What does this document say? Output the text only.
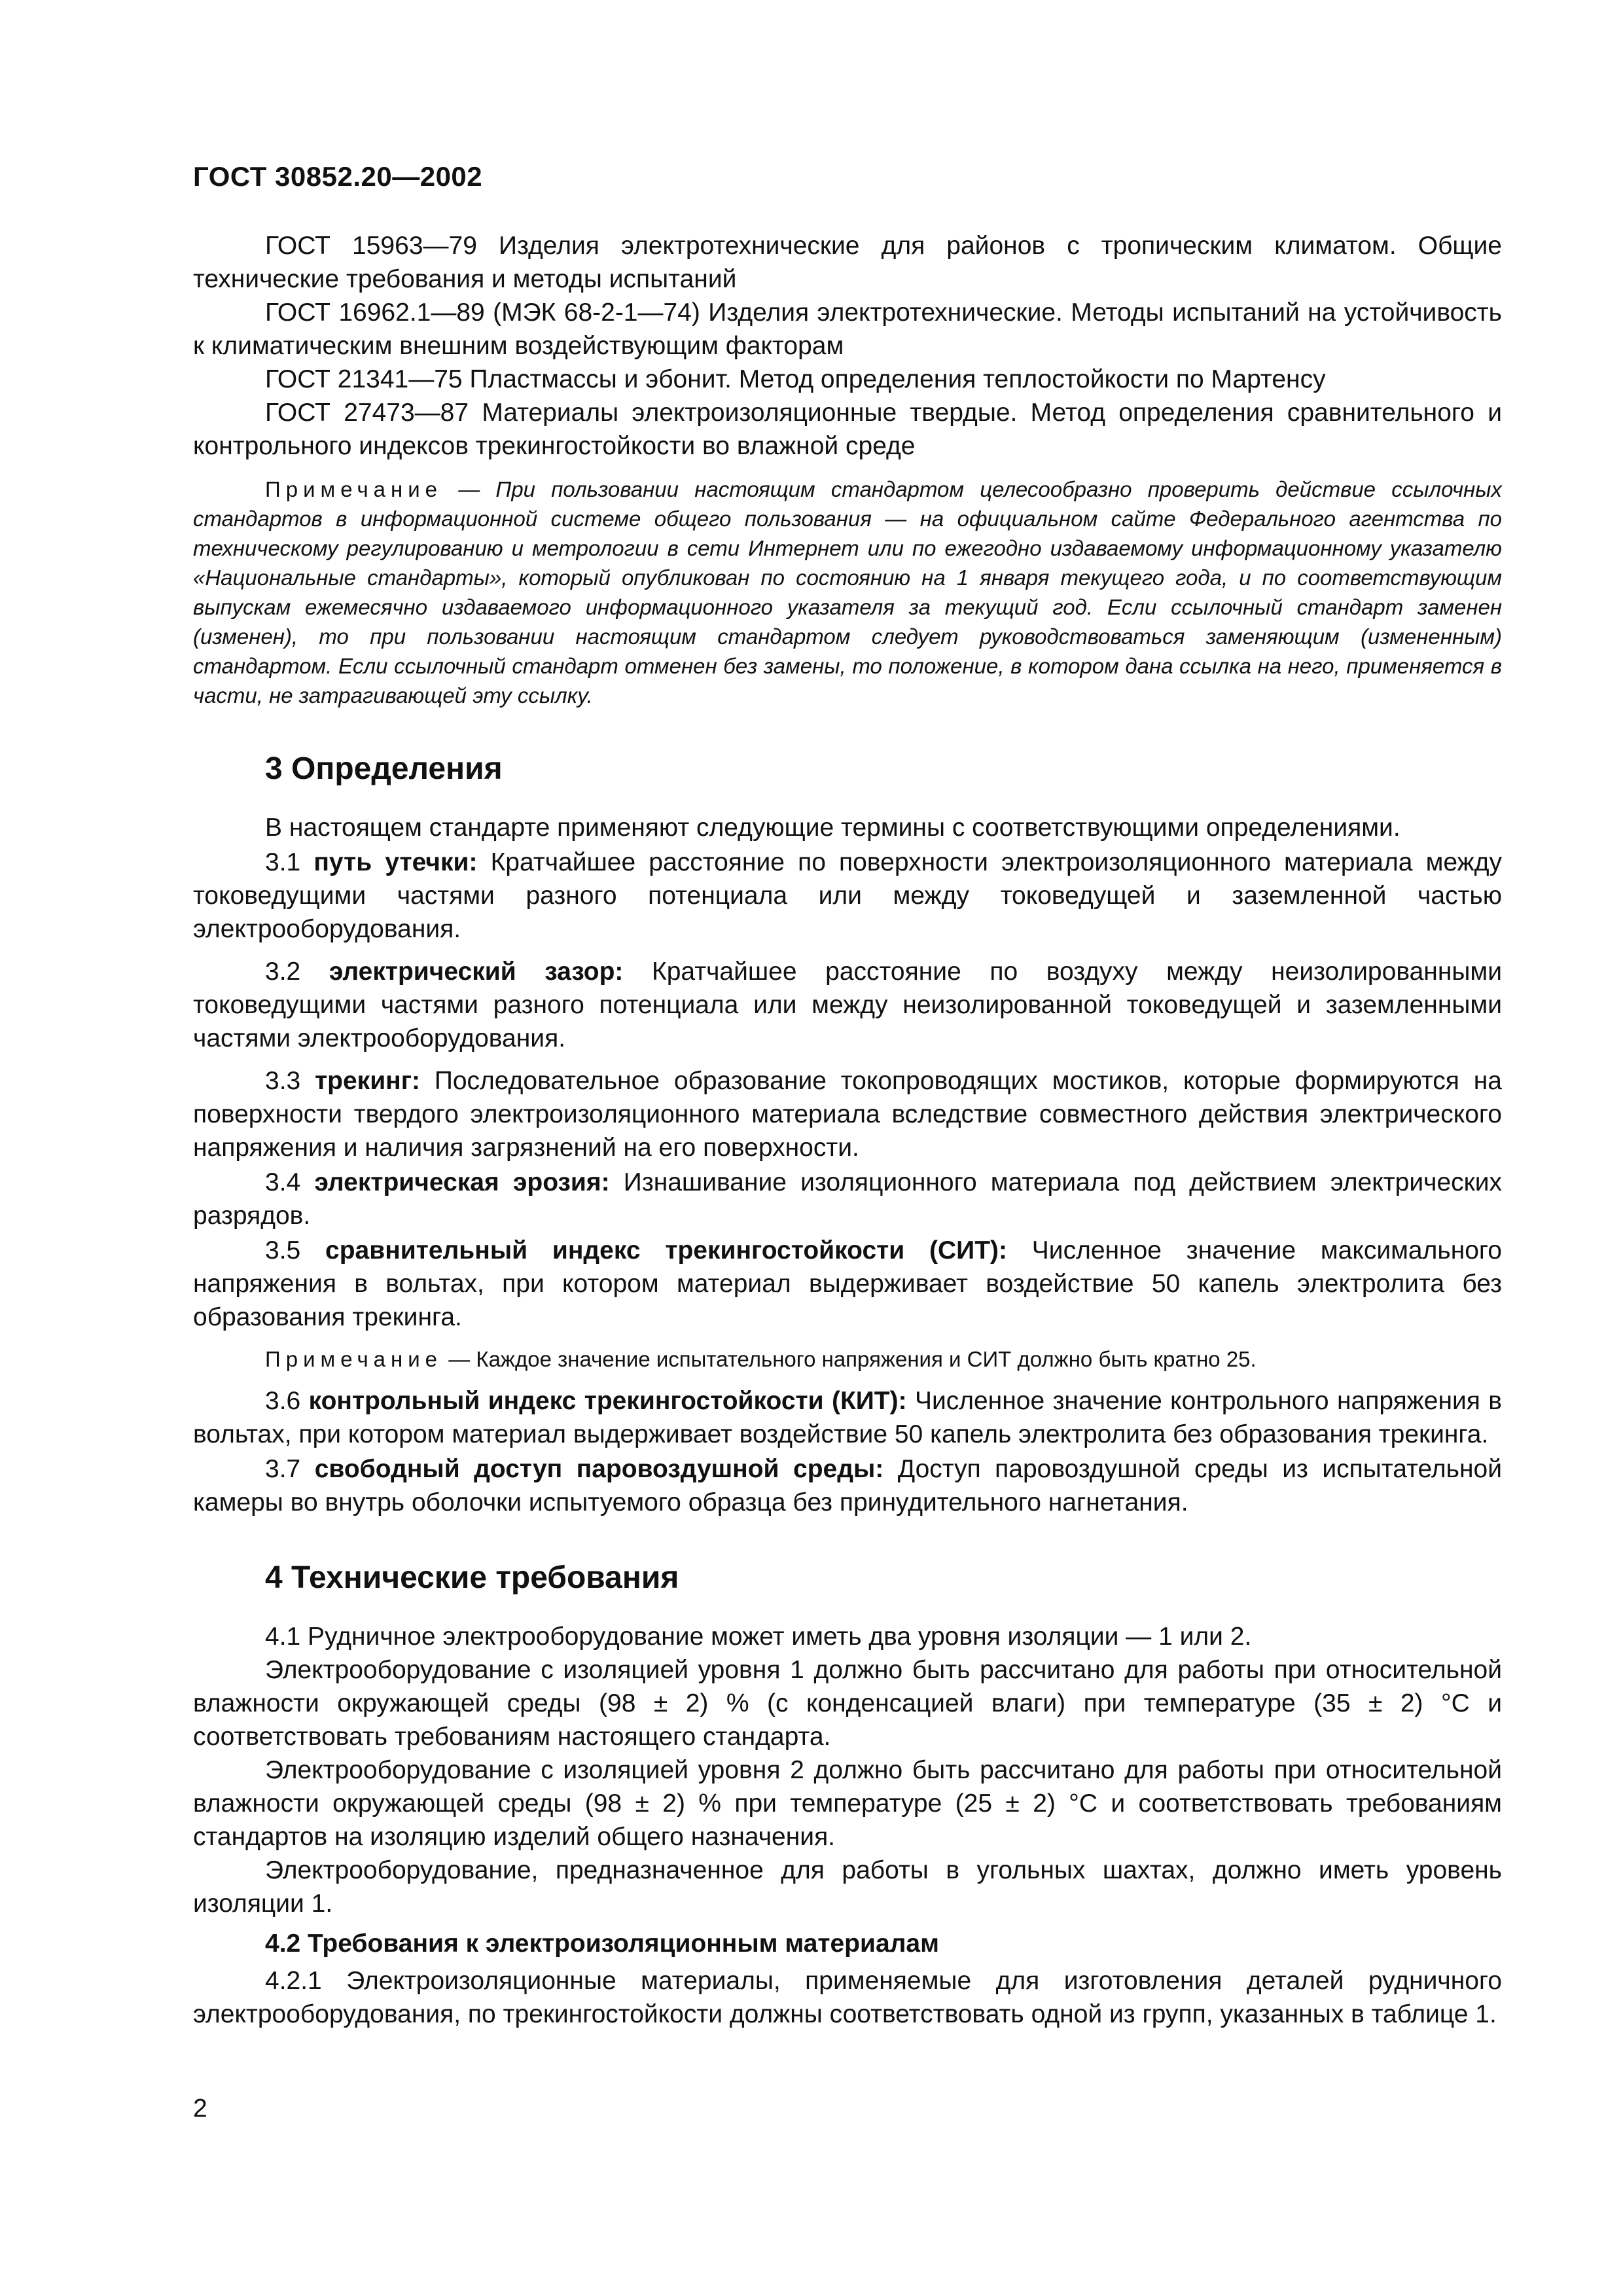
ГОСТ 30852.20—2002

ГОСТ 15963—79 Изделия электротехнические для районов с тропическим климатом. Общие технические требования и методы испытаний

ГОСТ 16962.1—89 (МЭК 68-2-1—74) Изделия электротехнические. Методы испытаний на устойчивость к климатическим внешним воздействующим факторам

ГОСТ 21341—75 Пластмассы и эбонит. Метод определения теплостойкости по Мартенсу

ГОСТ 27473—87 Материалы электроизоляционные твердые. Метод определения сравнительного и контрольного индексов трекингостойкости во влажной среде

Примечание — При пользовании настоящим стандартом целесообразно проверить действие ссылочных стандартов в информационной системе общего пользования — на официальном сайте Федерального агентства по техническому регулированию и метрологии в сети Интернет или по ежегодно издаваемому информационному указателю «Национальные стандарты», который опубликован по состоянию на 1 января текущего года, и по соответствующим выпускам ежемесячно издаваемого информационного указателя за текущий год. Если ссылочный стандарт заменен (изменен), то при пользовании настоящим стандартом следует руководствоваться заменяющим (измененным) стандартом. Если ссылочный стандарт отменен без замены, то положение, в котором дана ссылка на него, применяется в части, не затрагивающей эту ссылку.

3 Определения

В настоящем стандарте применяют следующие термины с соответствующими определениями.

3.1 путь утечки: Кратчайшее расстояние по поверхности электроизоляционного материала между токоведущими частями разного потенциала или между токоведущей и заземленной частью электрооборудования.

3.2 электрический зазор: Кратчайшее расстояние по воздуху между неизолированными токоведущими частями разного потенциала или между неизолированной токоведущей и заземленными частями электрооборудования.

3.3 трекинг: Последовательное образование токопроводящих мостиков, которые формируются на поверхности твердого электроизоляционного материала вследствие совместного действия электрического напряжения и наличия загрязнений на его поверхности.

3.4 электрическая эрозия: Изнашивание изоляционного материала под действием электрических разрядов.

3.5 сравнительный индекс трекингостойкости (СИТ): Численное значение максимального напряжения в вольтах, при котором материал выдерживает воздействие 50 капель электролита без образования трекинга.

Примечание — Каждое значение испытательного напряжения и СИТ должно быть кратно 25.

3.6 контрольный индекс трекингостойкости (КИТ): Численное значение контрольного напряжения в вольтах, при котором материал выдерживает воздействие 50 капель электролита без образования трекинга.

3.7 свободный доступ паровоздушной среды: Доступ паровоздушной среды из испытательной камеры во внутрь оболочки испытуемого образца без принудительного нагнетания.

4 Технические требования

4.1 Рудничное электрооборудование может иметь два уровня изоляции — 1 или 2.

Электрооборудование с изоляцией уровня 1 должно быть рассчитано для работы при относительной влажности окружающей среды (98 ± 2) % (с конденсацией влаги) при температуре (35 ± 2) °С и соответствовать требованиям настоящего стандарта.

Электрооборудование с изоляцией уровня 2 должно быть рассчитано для работы при относительной влажности окружающей среды (98 ± 2) % при температуре (25 ± 2) °С и соответствовать требованиям стандартов на изоляцию изделий общего назначения.

Электрооборудование, предназначенное для работы в угольных шахтах, должно иметь уровень изоляции 1.

4.2 Требования к электроизоляционным материалам

4.2.1 Электроизоляционные материалы, применяемые для изготовления деталей рудничного электрооборудования, по трекингостойкости должны соответствовать одной из групп, указанных в таблице 1.

2
